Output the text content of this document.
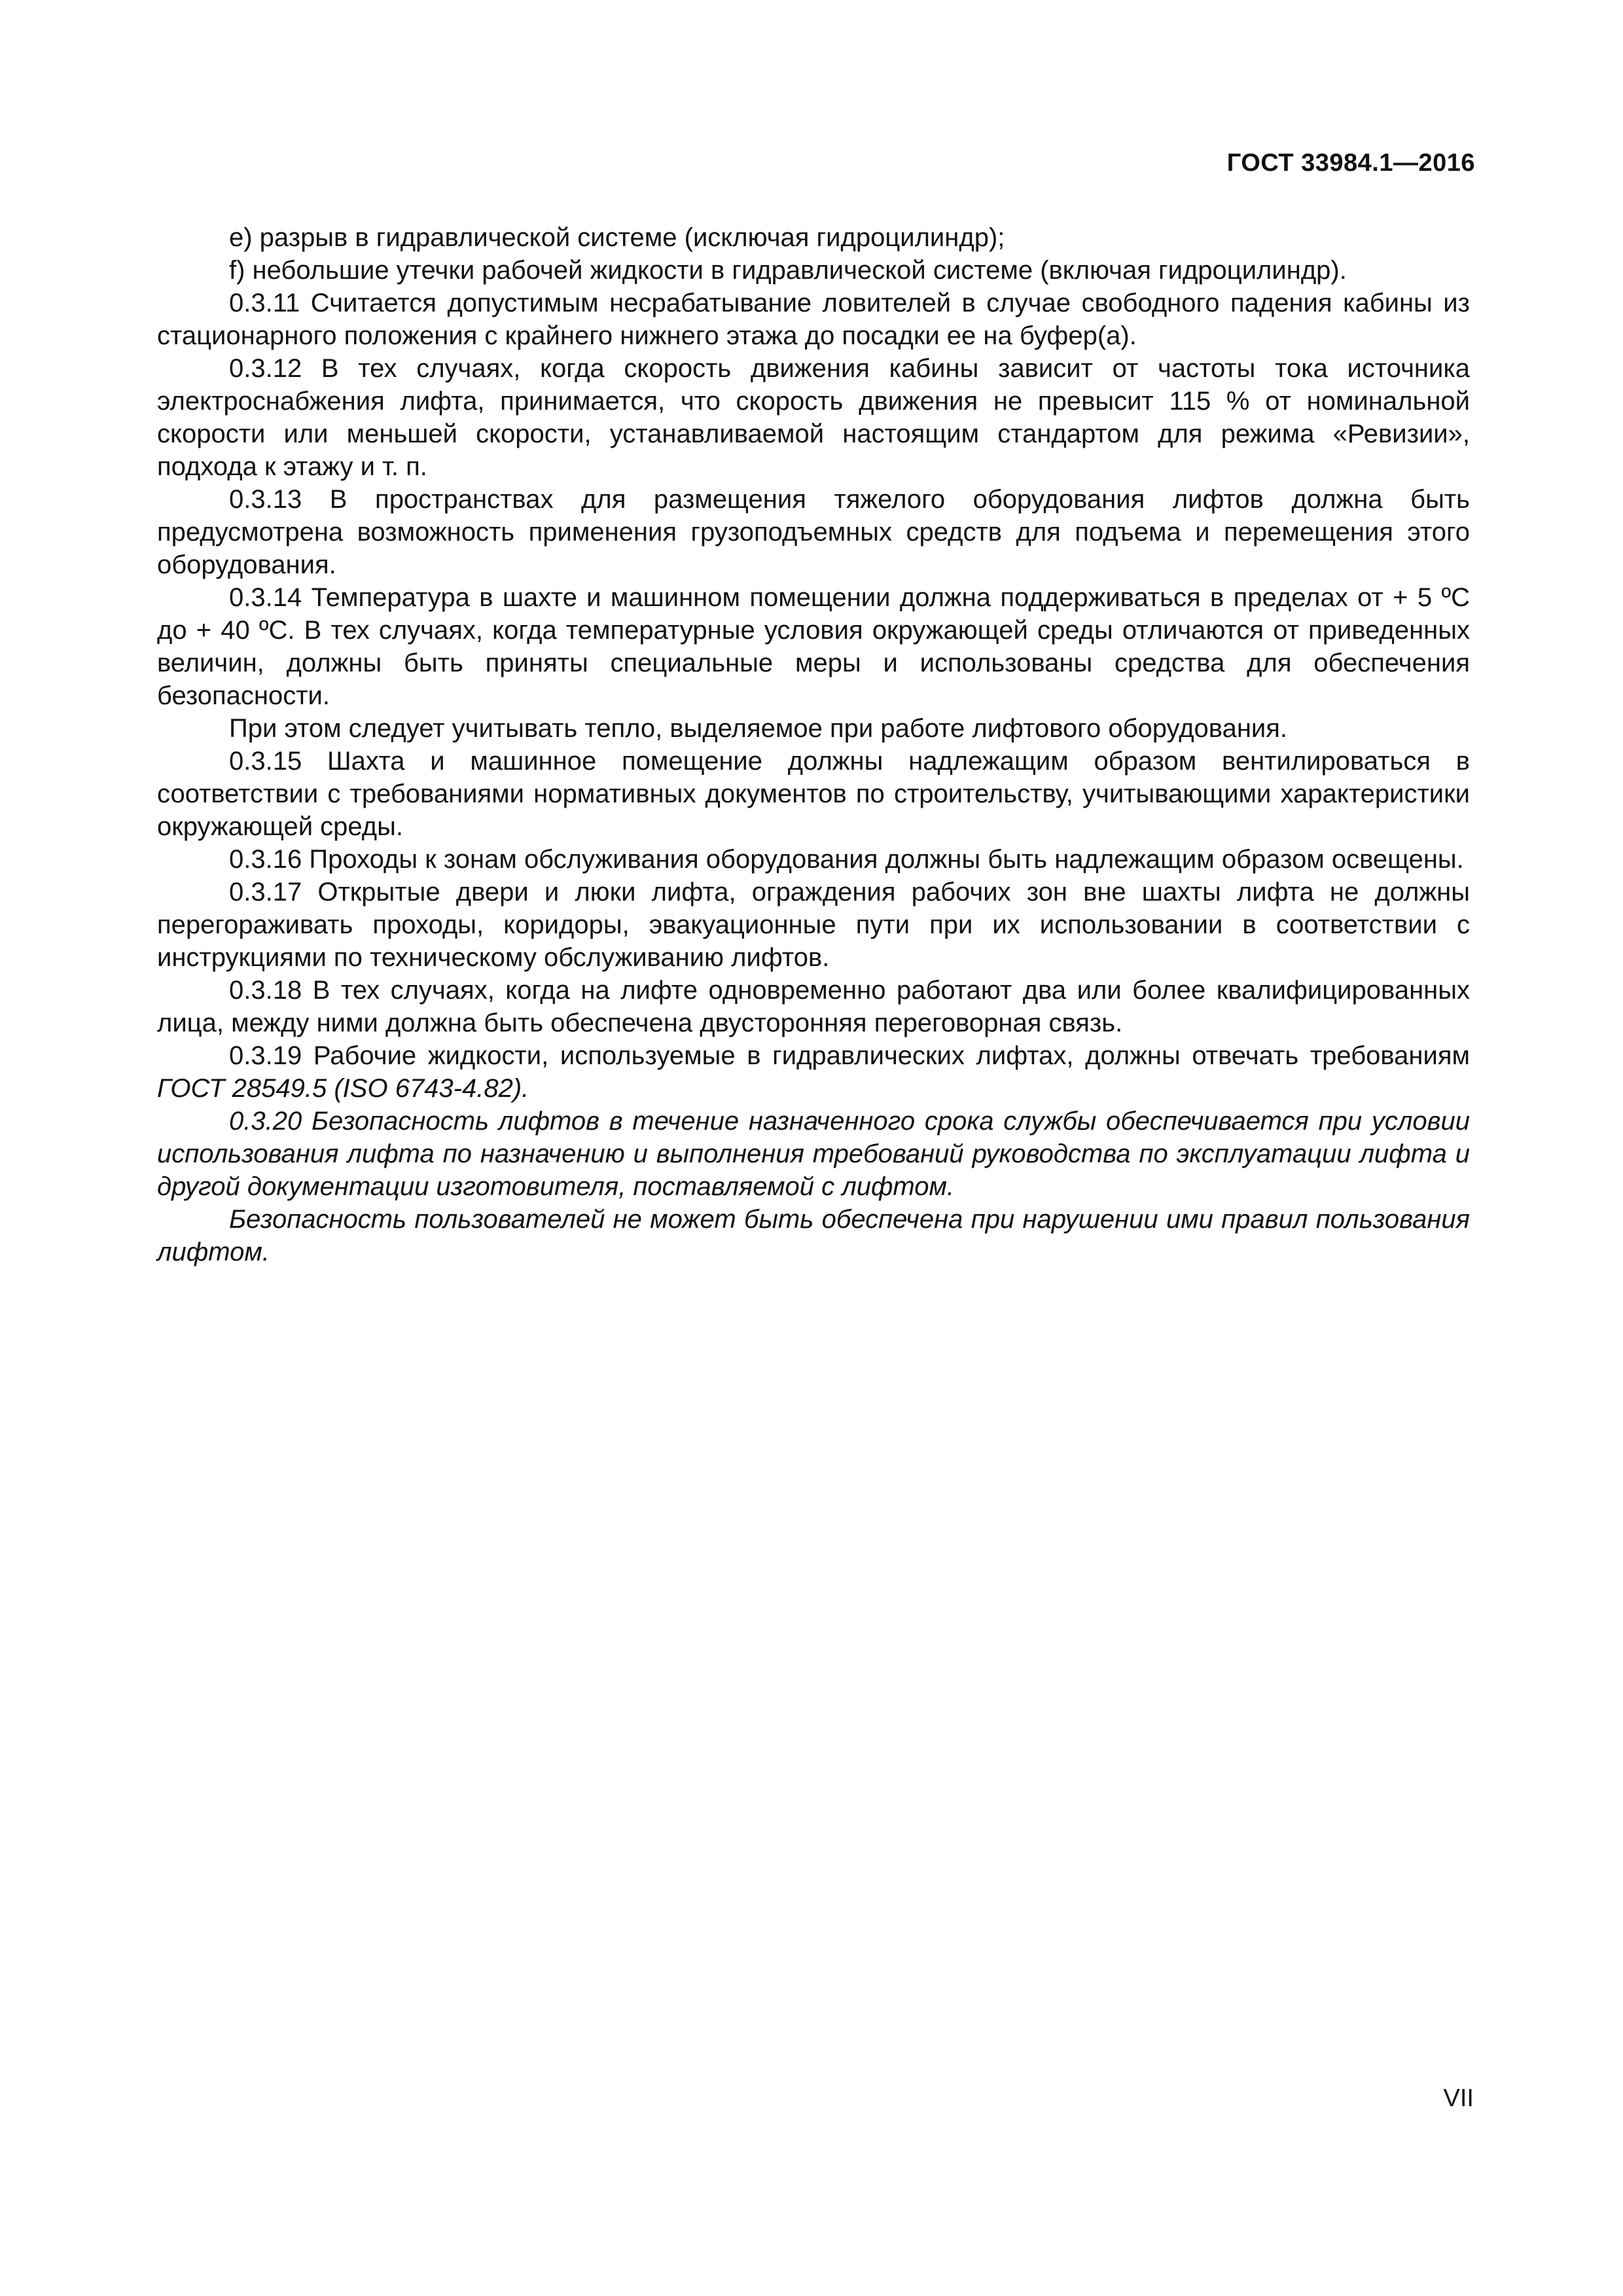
ГОСТ 33984.1—2016

е) разрыв в гидравлической системе (исключая гидроцилиндр);

f) небольшие утечки рабочей жидкости в гидравлической системе (включая гидроцилиндр).

0.3.11 Считается допустимым несрабатывание ловителей в случае свободного падения кабины из стационарного положения с крайнего нижнего этажа до посадки ее на буфер(а).

0.3.12 В тех случаях, когда скорость движения кабины зависит от частоты тока источника электроснабжения лифта, принимается, что скорость движения не превысит 115 % от номинальной скорости или меньшей скорости, устанавливаемой настоящим стандартом для режима «Ревизии», подхода к этажу и т. п.

0.3.13 В пространствах для размещения тяжелого оборудования лифтов должна быть предусмотрена возможность применения грузоподъемных средств для подъема и перемещения этого оборудования.

0.3.14 Температура в шахте и машинном помещении должна поддерживаться в пределах от + 5 ºС до + 40 ºС. В тех случаях, когда температурные условия окружающей среды отличаются от приведенных величин, должны быть приняты специальные меры и использованы средства для обеспечения безопасности.

При этом следует учитывать тепло, выделяемое при работе лифтового оборудования.

0.3.15 Шахта и машинное помещение должны надлежащим образом вентилироваться в соответствии с требованиями нормативных документов по строительству, учитывающими характеристики окружающей среды.

0.3.16 Проходы к зонам обслуживания оборудования должны быть надлежащим образом освещены.

0.3.17 Открытые двери и люки лифта, ограждения рабочих зон вне шахты лифта не должны перегораживать проходы, коридоры, эвакуационные пути при их использовании в соответствии с инструкциями по техническому обслуживанию лифтов.

0.3.18 В тех случаях, когда на лифте одновременно работают два или более квалифицированных лица, между ними должна быть обеспечена двусторонняя переговорная связь.

0.3.19 Рабочие жидкости, используемые в гидравлических лифтах, должны отвечать требованиям ГОСТ 28549.5 (ISO 6743-4.82).

0.3.20 Безопасность лифтов в течение назначенного срока службы обеспечивается при условии использования лифта по назначению и выполнения требований руководства по эксплуатации лифта и другой документации изготовителя, поставляемой с лифтом.

Безопасность пользователей не может быть обеспечена при нарушении ими правил пользования лифтом.

VII
